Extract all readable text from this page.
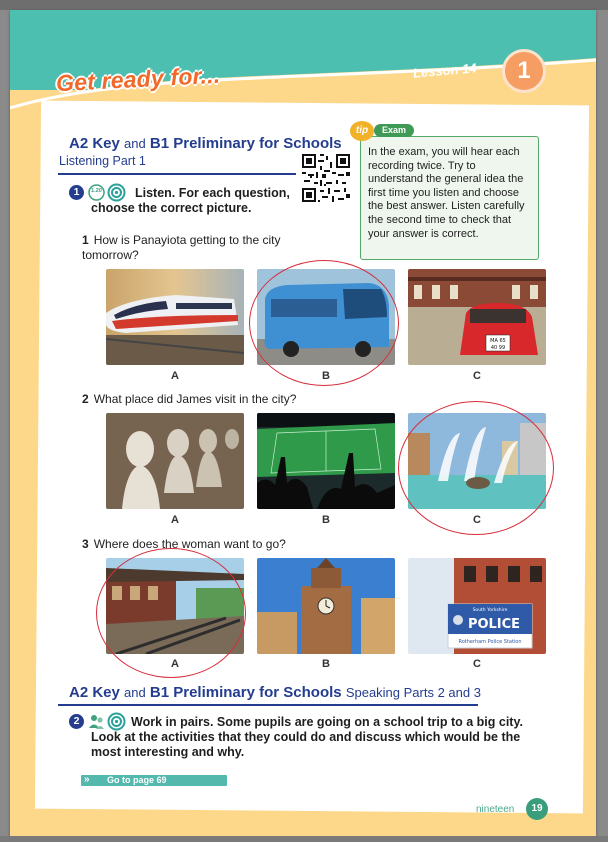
Get ready for...	Lesson 14	1
A2 Key and B1 Preliminary for Schools
Listening Part 1
tip	Exam
In the exam, you will hear each recording twice. Try to understand the general idea the first time you listen and choose the best answer. Listen carefully the second time to check that your answer is correct.
1	1.20	Listen. For each question, choose the correct picture.
1 How is Panayiota getting to the city tomorrow?
MA 65
40 99
A	B	C
2 What place did James visit in the city?
A	B	C
3 Where does the woman want to go?
South Yorkshire
POLICE
Rotherham Police Station
A	B	C
A2 Key and B1 Preliminary for Schools Speaking Parts 2 and 3
2	Work in pairs. Some pupils are going on a school trip to a big city. Look at the activities that they could do and discuss which would be the most interesting and why.
Go to page 69
»
nineteen	19
